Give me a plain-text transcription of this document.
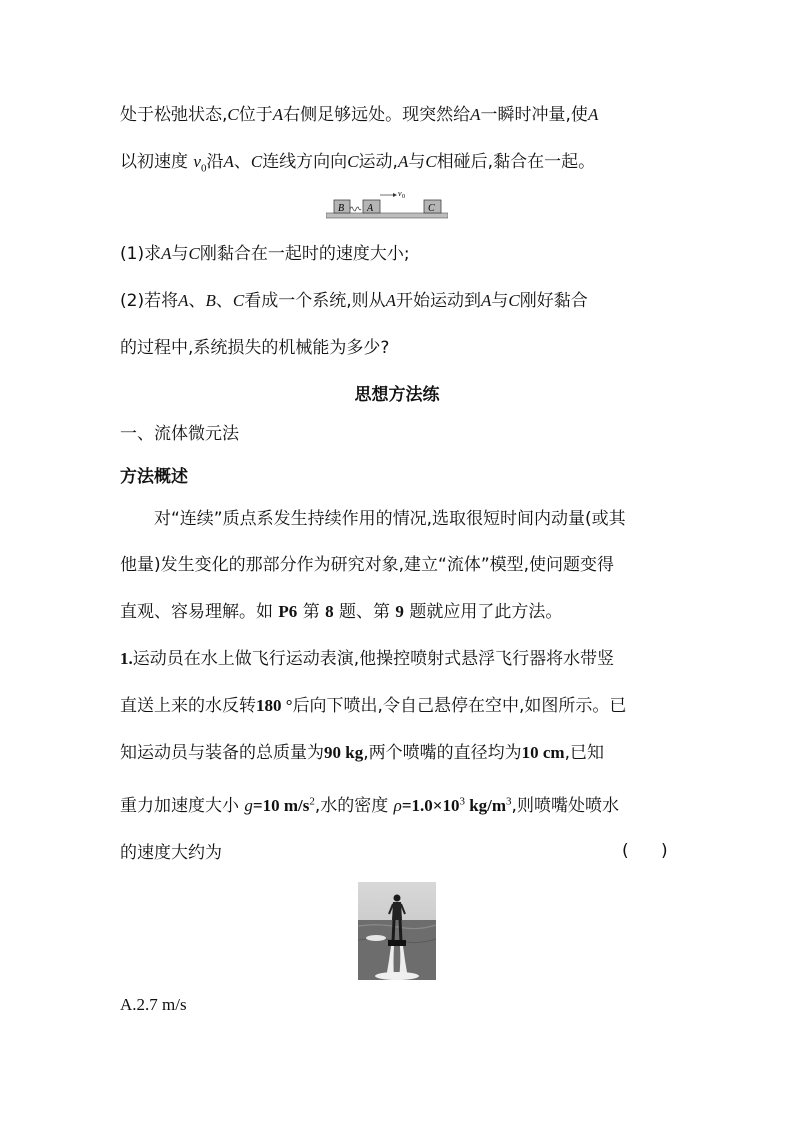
处于松弛状态,C位于A右侧足够远处。现突然给A一瞬时冲量,使A
以初速度 $v_0$沿A、C连线方向向C运动,A与C相碰后,黏合在一起。
B A	C
v 0
(1)求A与C刚黏合在一起时的速度大小;
(2)若将A、B、C看成一个系统,则从A开始运动到A与C刚好黏合
的过程中,系统损失的机械能为多少?
思想方法练
一、流体微元法
方法概述
对“连续”质点系发生持续作用的情况,选取很短时间内动量(或其
他量)发生变化的那部分作为研究对象,建立“流体”模型,使问题变得
直观、容易理解。如 P6 第 8 题、第 9 题就应用了此方法。
1.运动员在水上做飞行运动表演,他操控喷射式悬浮飞行器将水带竖
直送上来的水反转180 °后向下喷出,令自己悬停在空中,如图所示。已
知运动员与装备的总质量为90 kg,两个喷嘴的直径均为10 cm,已知
重力加速度大小 g=10 $m/s^2$,水的密度 $\rho=1.0\times 10^3$ $kg/m^3$,则喷嘴处喷水
的速度大约为	(      )
A.2.7 m/s
